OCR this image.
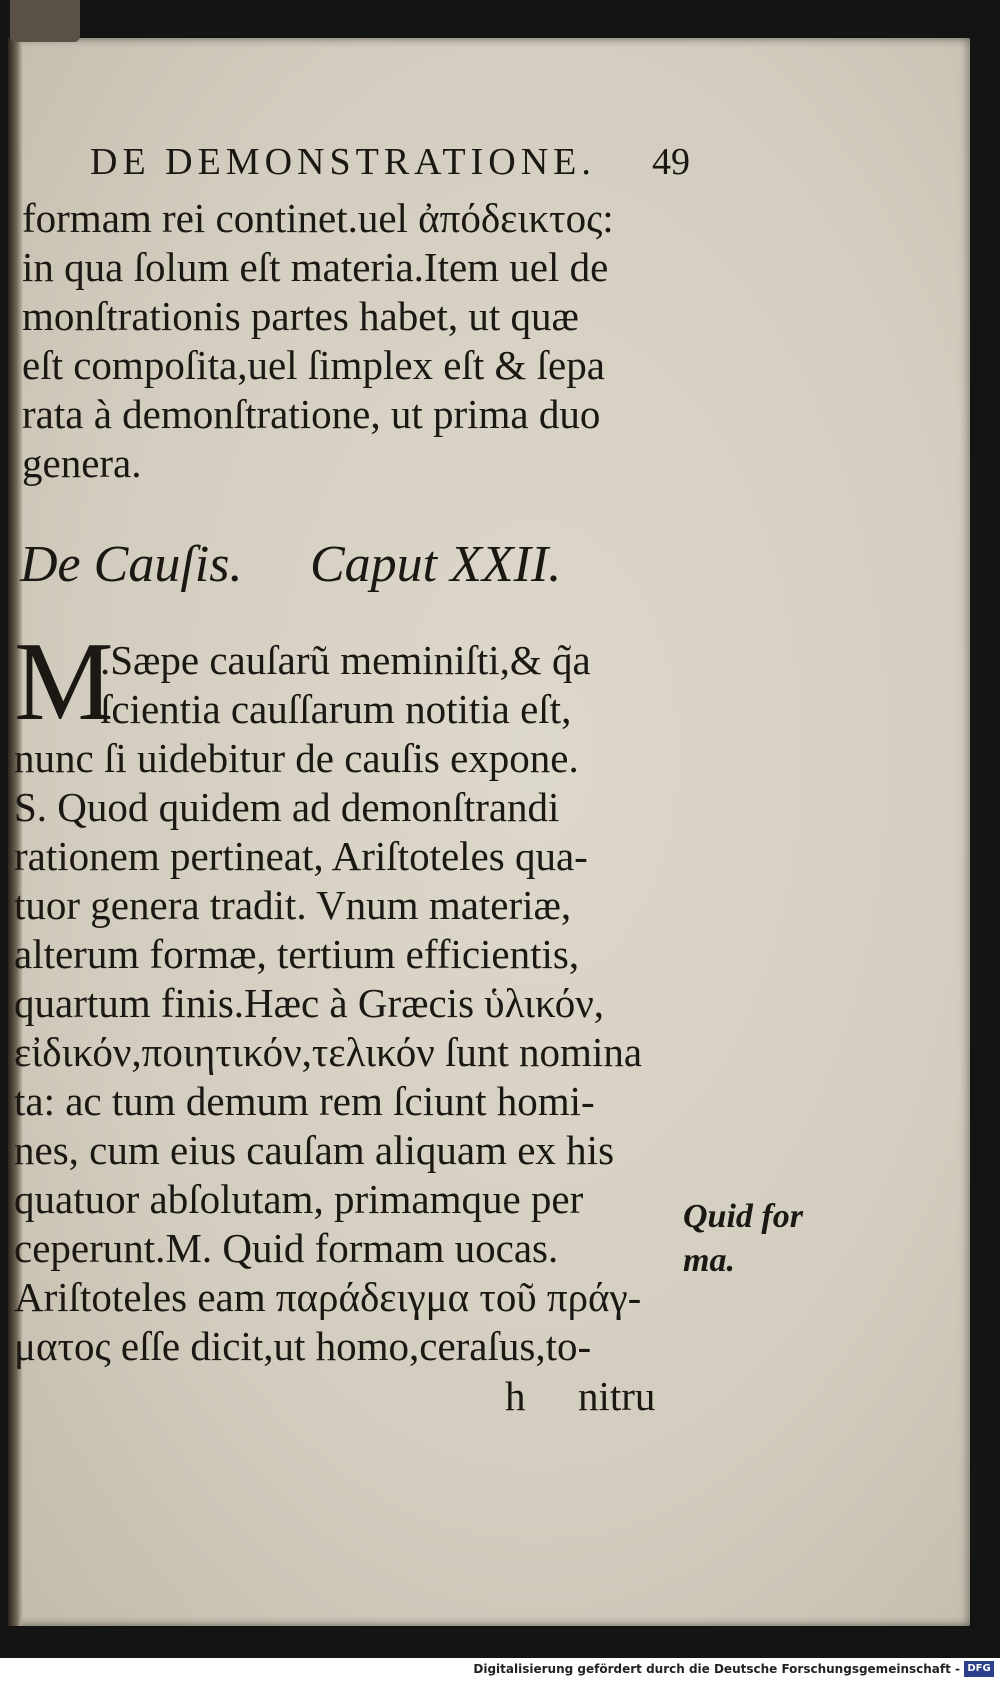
DE DEMONSTRATIONE. 49
formam rei continet.uel ἀπόδεικτος:
in qua ſolum eſt materia.Item uel de
monſtrationis partes habet, ut quæ
eſt compoſita,uel ſimplex eſt & ſepa
rata à demonſtratione, ut prima duo
genera.
De Cauſis. Caput XXII.
M
.Sæpe cauſarũ meminiſti,& q̃a
ſcientia cauſſarum notitia eſt,
nunc ſi uidebitur de cauſis expone.
S. Quod quidem ad demonſtrandi
rationem pertineat, Ariſtoteles qua-
tuor genera tradit. Vnum materiæ,
alterum formæ, tertium efficientis,
quartum finis.Hæc à Græcis ὑλικόν,
εἰδικόν,ποιητικόν,τελικόν ſunt nomina
ta: ac tum demum rem ſciunt homi-
nes, cum eius cauſam aliquam ex his
quatuor abſolutam, primamque per
ceperunt.M. Quid formam uocas.
Ariſtoteles eam παράδειγμα τοῦ πράγ-
ματος eſſe dicit,ut homo,ceraſus,to-
h nitru
Quid for
ma.
Digitalisierung gefördert durch die Deutsche Forschungsgemeinschaft - DFG
